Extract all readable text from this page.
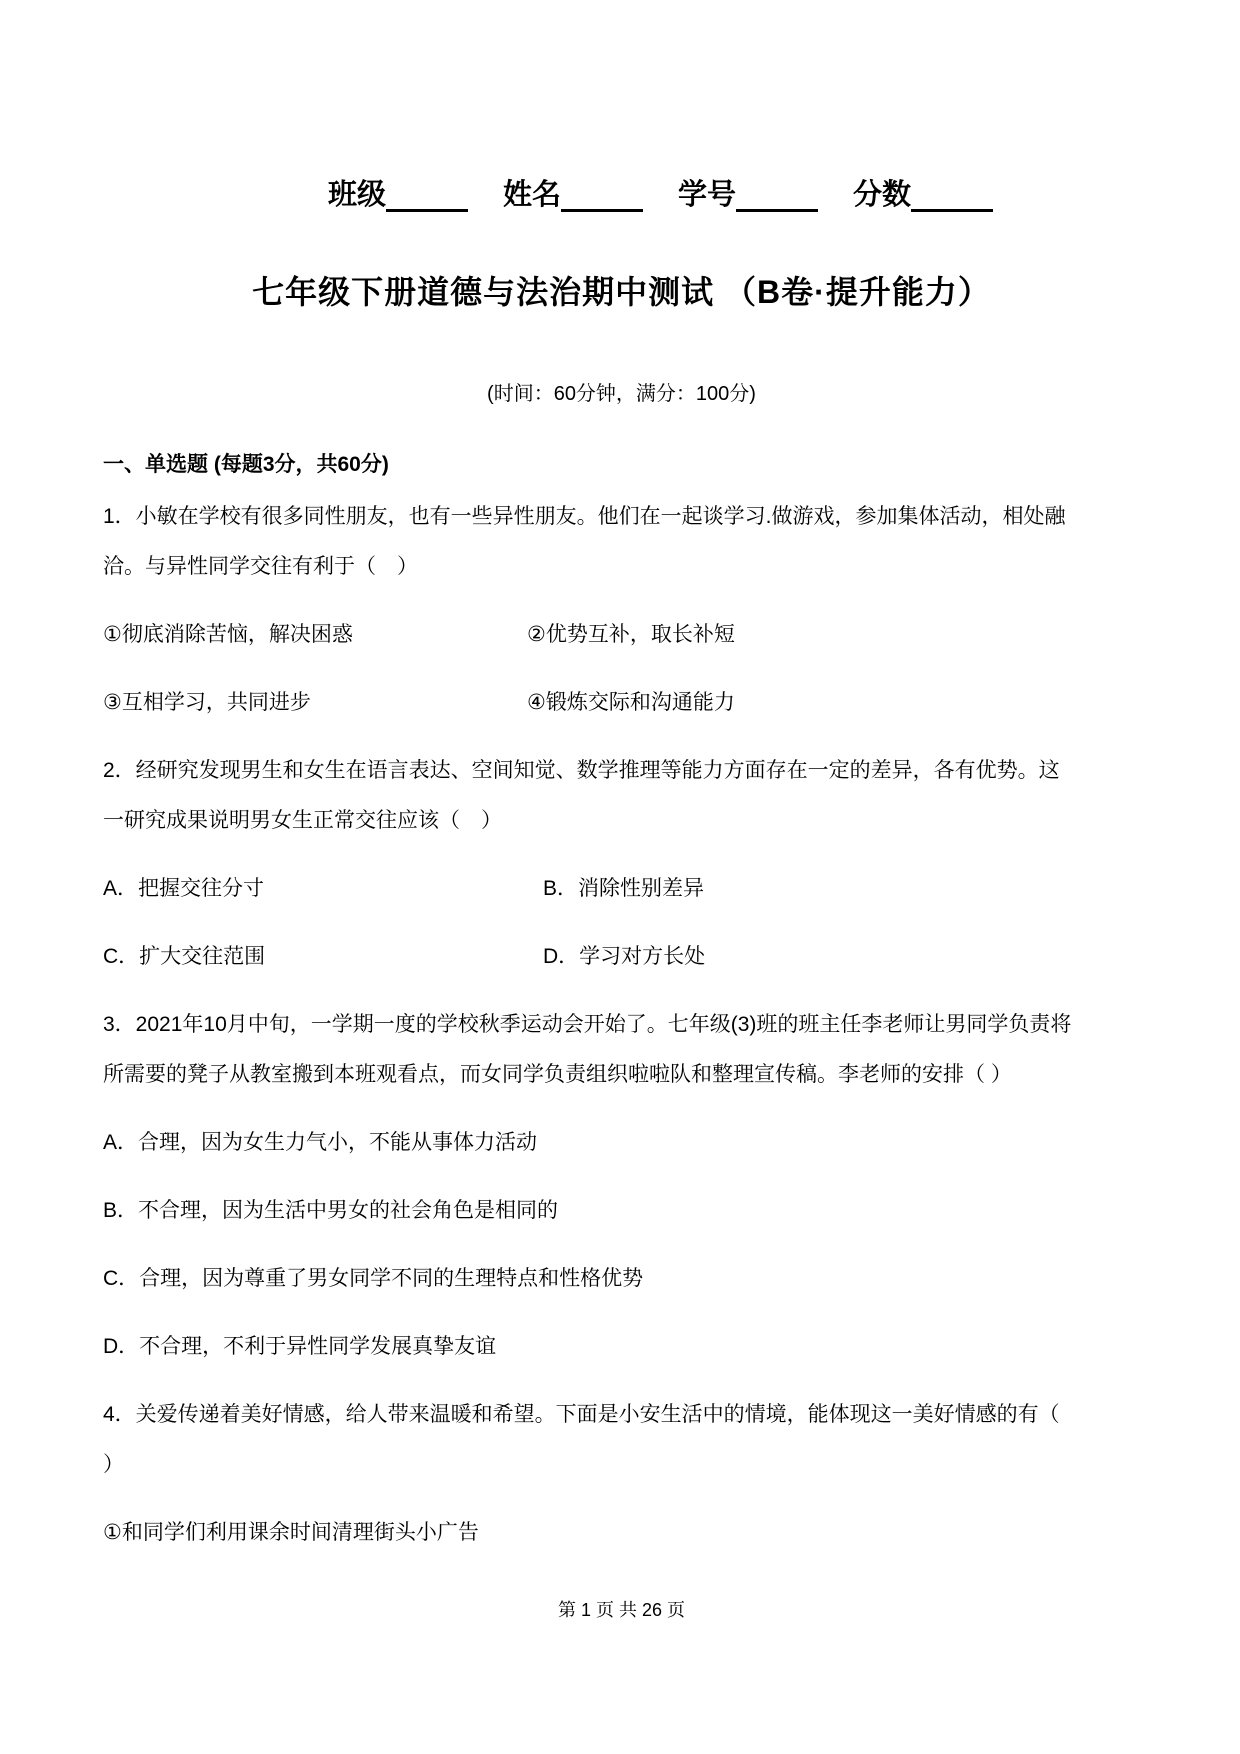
班级	姓名	学号	分数
七年级下册道德与法治期中测试 （B卷·提升能力）
(时间：60分钟，满分：100分)
一、单选题 (每题3分，共60分)
1．小敏在学校有很多同性朋友，也有一些异性朋友。他们在一起谈学习.做游戏，参加集体活动，相处融
洽。与异性同学交往有利于（　）
①彻底消除苦恼，解决困惑	②优势互补，取长补短
③互相学习，共同进步	④锻炼交际和沟通能力
2．经研究发现男生和女生在语言表达、空间知觉、数学推理等能力方面存在一定的差异，各有优势。这
一研究成果说明男女生正常交往应该（　）
A．把握交往分寸	B．消除性别差异
C．扩大交往范围	D．学习对方长处
3．2021年10月中旬，一学期一度的学校秋季运动会开始了。七年级(3)班的班主任李老师让男同学负责将
所需要的凳子从教室搬到本班观看点，而女同学负责组织啦啦队和整理宣传稿。李老师的安排（ ）
A．合理，因为女生力气小，不能从事体力活动
B．不合理，因为生活中男女的社会角色是相同的
C．合理，因为尊重了男女同学不同的生理特点和性格优势
D．不合理，不利于异性同学发展真挚友谊
4．关爱传递着美好情感，给人带来温暖和希望。下面是小安生活中的情境，能体现这一美好情感的有（
）
①和同学们利用课余时间清理街头小广告
第 1 页 共 26 页
